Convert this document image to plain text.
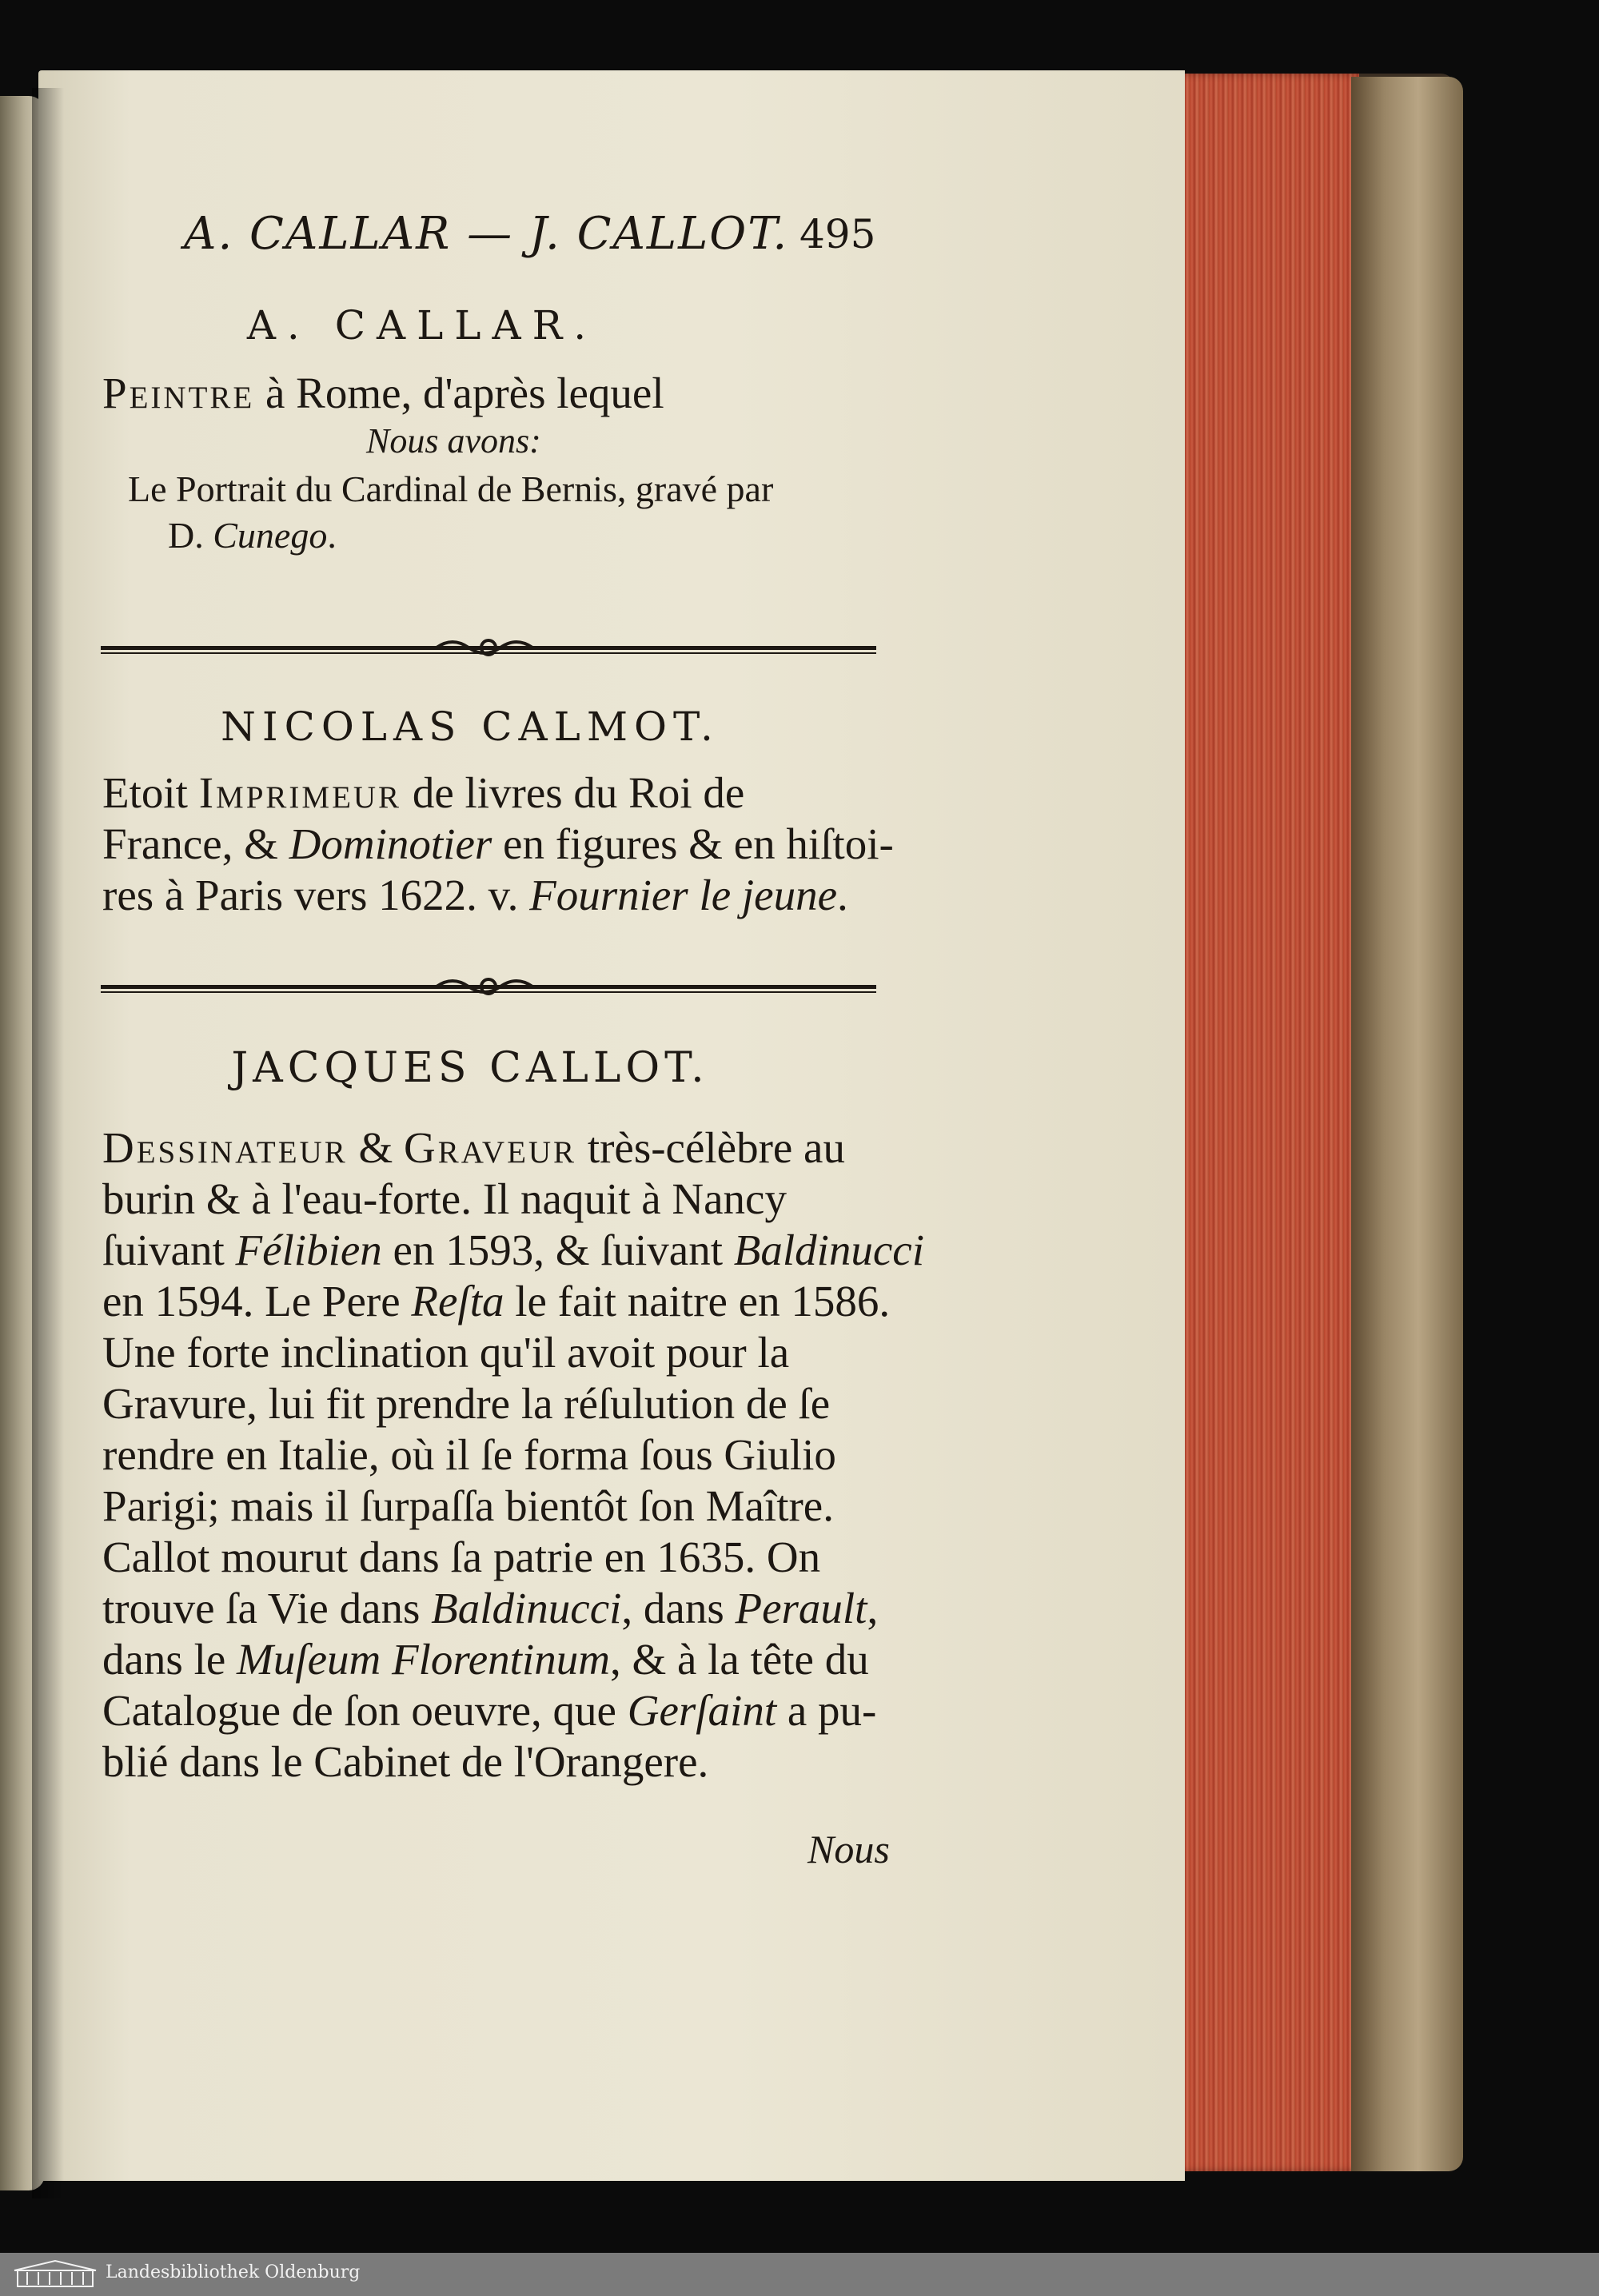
A. CALLAR — J. CALLOT. 495

A. CALLAR.

Peintre à Rome, d'après lequel

Nous avons:

Le Portrait du Cardinal de Bernis, gravé par

D. Cunego.

NICOLAS CALMOT.

Etoit Imprimeur de livres du Roi de

France, & Dominotier en figures & en hiſtoi-

res à Paris vers 1622. v. Fournier le jeune.

JACQUES CALLOT.

Dessinateur & Graveur très-célèbre au

burin & à l'eau-forte. Il naquit à Nancy

ſuivant Félibien en 1593, & ſuivant Baldinucci

en 1594. Le Pere Reſta le fait naitre en 1586.

Une forte inclination qu'il avoit pour la

Gravure, lui fit prendre la réſulution de ſe

rendre en Italie, où il ſe forma ſous Giulio

Parigi; mais il ſurpaſſa bientôt ſon Maître.

Callot mourut dans ſa patrie en 1635. On

trouve ſa Vie dans Baldinucci, dans Perault,

dans le Muſeum Florentinum, & à la tête du

Catalogue de ſon oeuvre, que Gerſaint a pu-

blié dans le Cabinet de l'Orangere.

Nous
Landesbibliothek Oldenburg
